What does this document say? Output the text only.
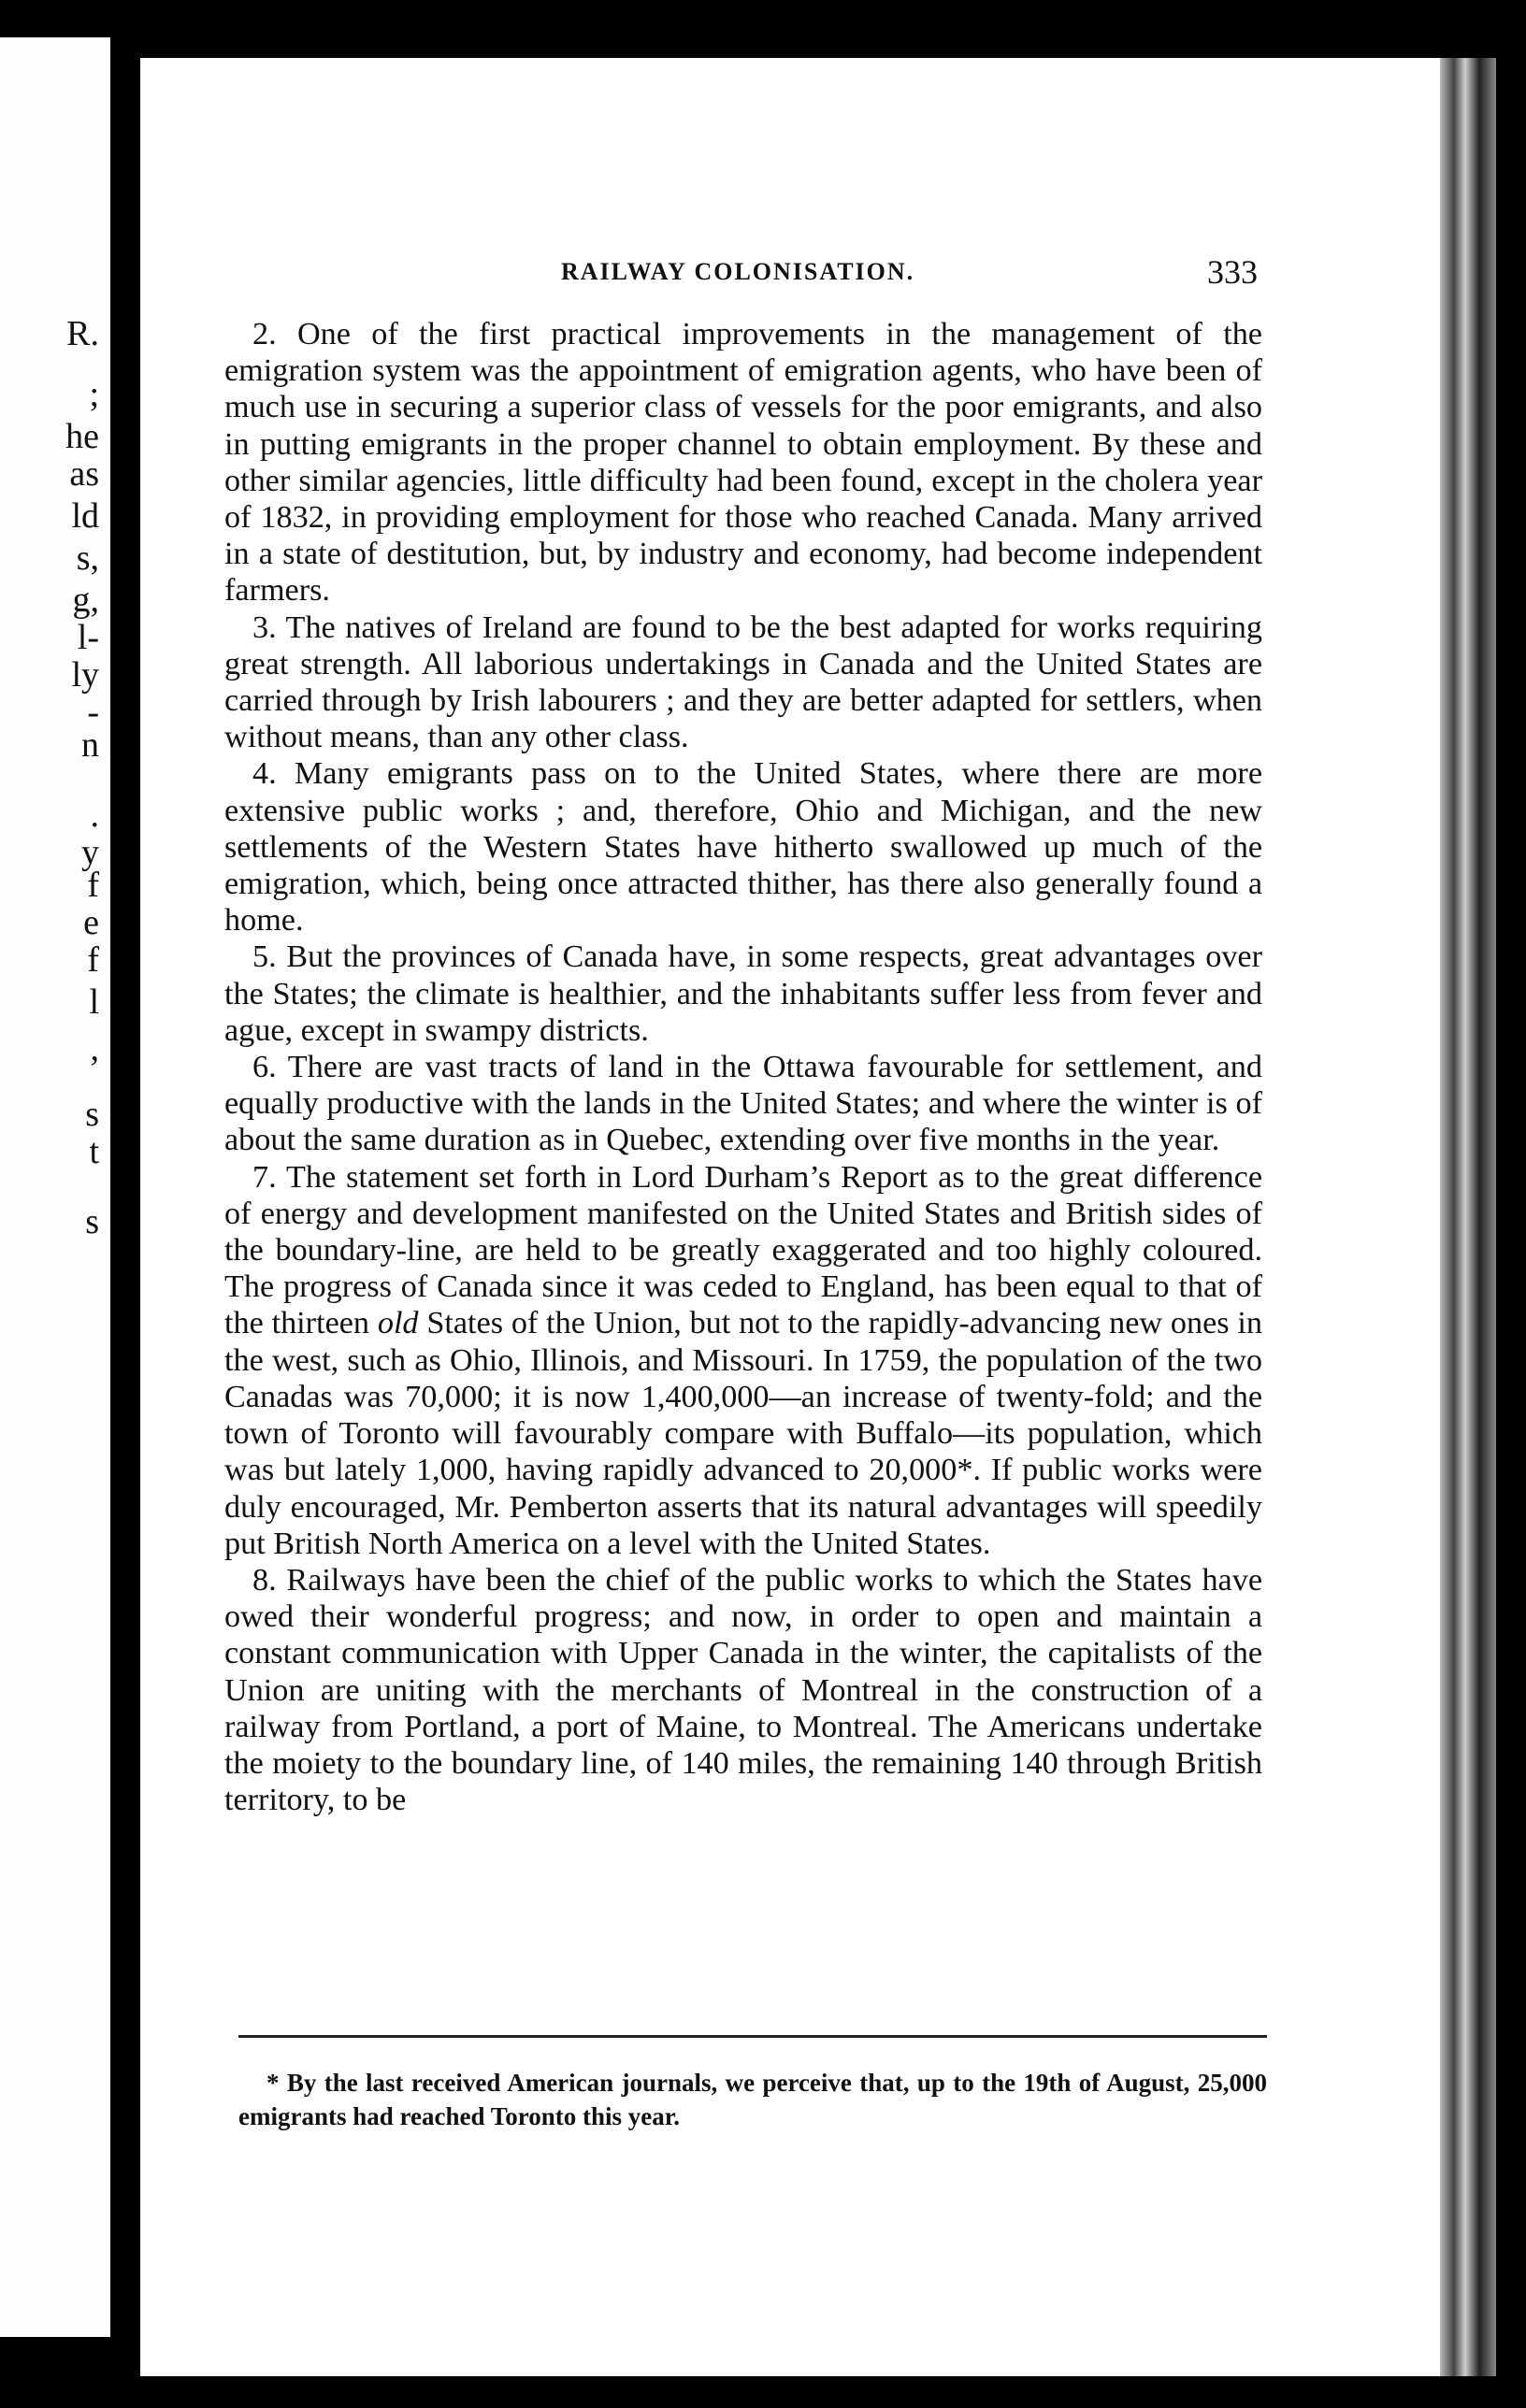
R.
;
he
as
ld
s,
g,
l-
ly
-
n
.
y
f
e
f
l
,
s
t
s
RAILWAY COLONISATION.	333

2. One of the first practical improvements in the management of the emigration system was the appointment of emigration agents, who have been of much use in securing a superior class of vessels for the poor emigrants, and also in putting emigrants in the proper channel to obtain employment. By these and other similar agencies, little difficulty had been found, except in the cholera year of 1832, in providing employment for those who reached Canada. Many arrived in a state of destitution, but, by industry and economy, had become independent farmers.

3. The natives of Ireland are found to be the best adapted for works requiring great strength. All laborious undertakings in Canada and the United States are carried through by Irish labourers ; and they are better adapted for settlers, when without means, than any other class.

4. Many emigrants pass on to the United States, where there are more extensive public works ; and, therefore, Ohio and Michigan, and the new settlements of the Western States have hitherto swallowed up much of the emigration, which, being once attracted thither, has there also generally found a home.

5. But the provinces of Canada have, in some respects, great advantages over the States; the climate is healthier, and the inhabitants suffer less from fever and ague, except in swampy districts.

6. There are vast tracts of land in the Ottawa favourable for settlement, and equally productive with the lands in the United States; and where the winter is of about the same duration as in Quebec, extending over five months in the year.

7. The statement set forth in Lord Durham’s Report as to the great difference of energy and development manifested on the United States and British sides of the boundary-line, are held to be greatly exaggerated and too highly coloured. The progress of Canada since it was ceded to England, has been equal to that of the thirteen old States of the Union, but not to the rapidly-advancing new ones in the west, such as Ohio, Illinois, and Missouri. In 1759, the population of the two Canadas was 70,000; it is now 1,400,000—an increase of twenty-fold; and the town of Toronto will favourably compare with Buffalo—its population, which was but lately 1,000, having rapidly advanced to 20,000*. If public works were duly encouraged, Mr. Pemberton asserts that its natural advantages will speedily put British North America on a level with the United States.

8. Railways have been the chief of the public works to which the States have owed their wonderful progress; and now, in order to open and maintain a constant communication with Upper Canada in the winter, the capitalists of the Union are uniting with the merchants of Montreal in the construction of a railway from Portland, a port of Maine, to Montreal. The Americans undertake the moiety to the boundary line, of 140 miles, the remaining 140 through British territory, to be

* By the last received American journals, we perceive that, up to the 19th of August, 25,000 emigrants had reached Toronto this year.
